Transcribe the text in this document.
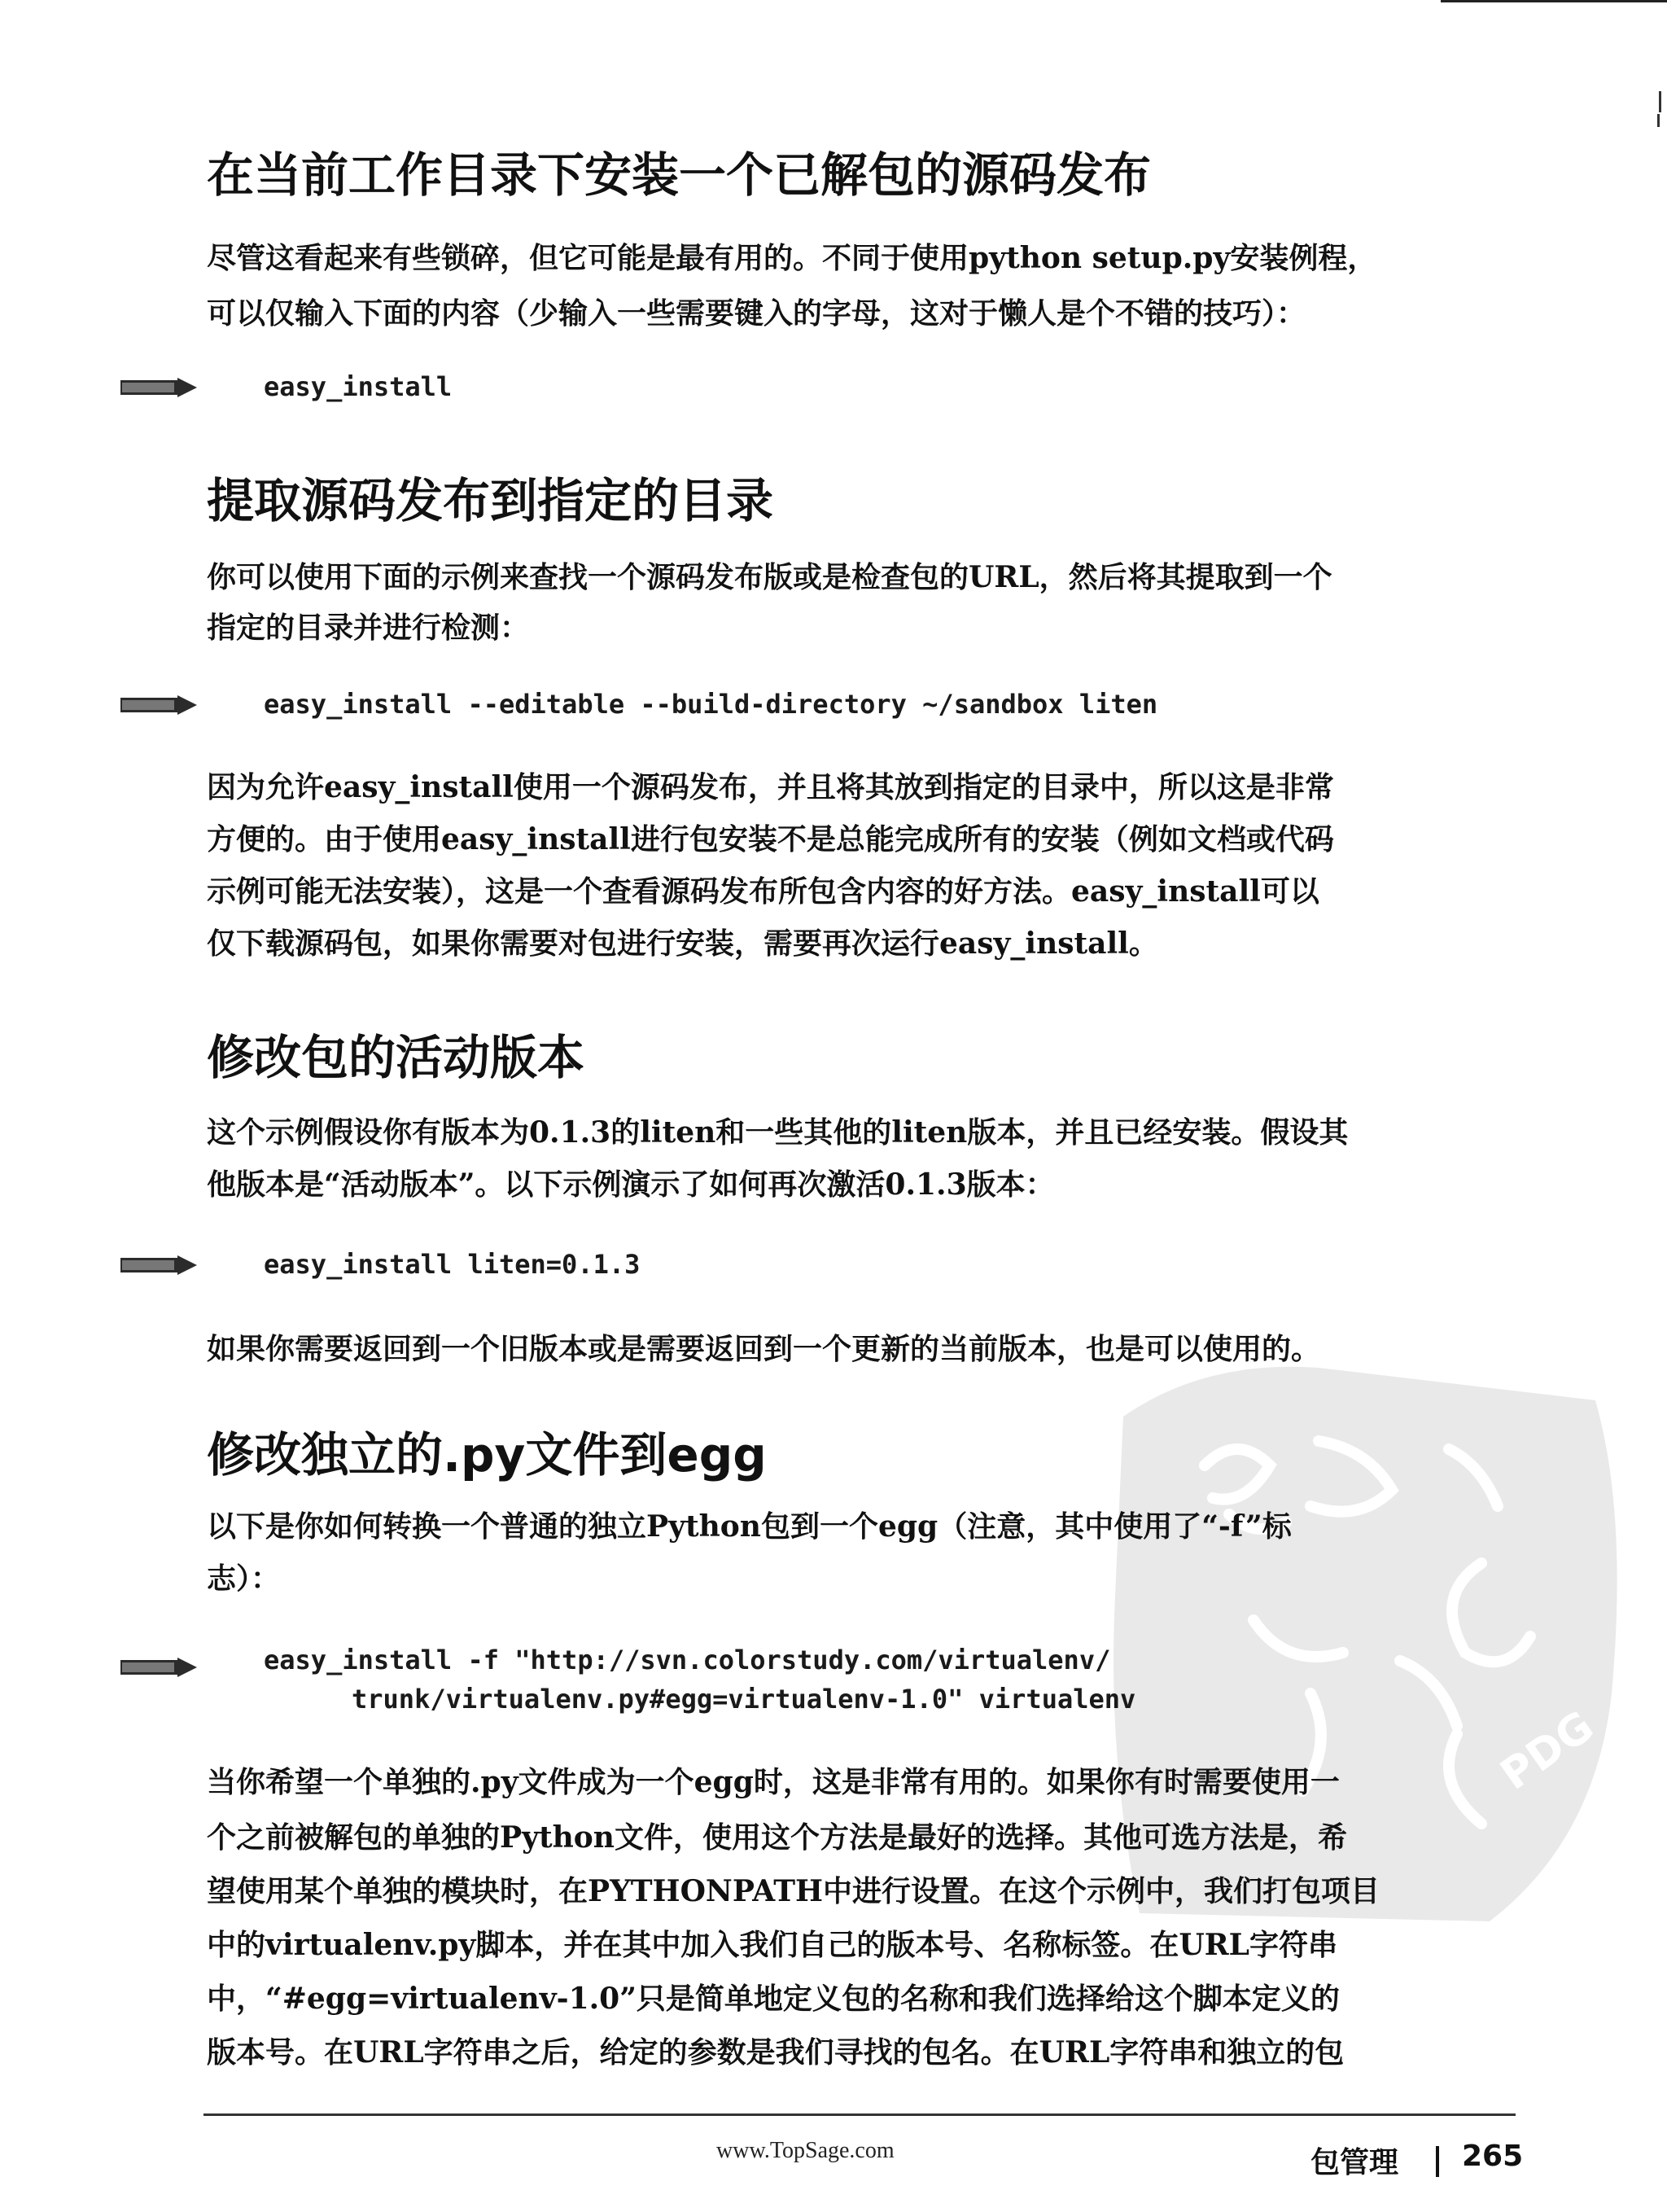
在当前工作目录下安装一个已解包的源码发布

尽管这看起来有些锁碎，但它可能是最有用的。不同于使用python setup.py安装例程，

可以仅输入下面的内容（少输入一些需要键入的字母，这对于懒人是个不错的技巧）：

easy_install

提取源码发布到指定的目录

你可以使用下面的示例来查找一个源码发布版或是检查包的URL，然后将其提取到一个

指定的目录并进行检测：

easy_install --editable --build-directory ~/sandbox liten

因为允许easy_install使用一个源码发布，并且将其放到指定的目录中，所以这是非常

方便的。由于使用easy_install进行包安装不是总能完成所有的安装（例如文档或代码

示例可能无法安装），这是一个查看源码发布所包含内容的好方法。easy_install可以

仅下载源码包，如果你需要对包进行安装，需要再次运行easy_install。

修改包的活动版本

这个示例假设你有版本为0.1.3的liten和一些其他的liten版本，并且已经安装。假设其

他版本是“活动版本”。以下示例演示了如何再次激活0.1.3版本：

easy_install liten=0.1.3

如果你需要返回到一个旧版本或是需要返回到一个更新的当前版本，也是可以使用的。

PDG
修改独立的.py文件到egg

以下是你如何转换一个普通的独立Python包到一个egg（注意，其中使用了“-f”标

志）：

easy_install -f "http://svn.colorstudy.com/virtualenv/

trunk/virtualenv.py#egg=virtualenv-1.0" virtualenv

当你希望一个单独的.py文件成为一个egg时，这是非常有用的。如果你有时需要使用一

个之前被解包的单独的Python文件，使用这个方法是最好的选择。其他可选方法是，希

望使用某个单独的模块时，在PYTHONPATH中进行设置。在这个示例中，我们打包项目

中的virtualenv.py脚本，并在其中加入我们自己的版本号、名称标签。在URL字符串

中，“#egg=virtualenv-1.0”只是简单地定义包的名称和我们选择给这个脚本定义的

版本号。在URL字符串之后，给定的参数是我们寻找的包名。在URL字符串和独立的包

www.TopSage.com	包管理 265
